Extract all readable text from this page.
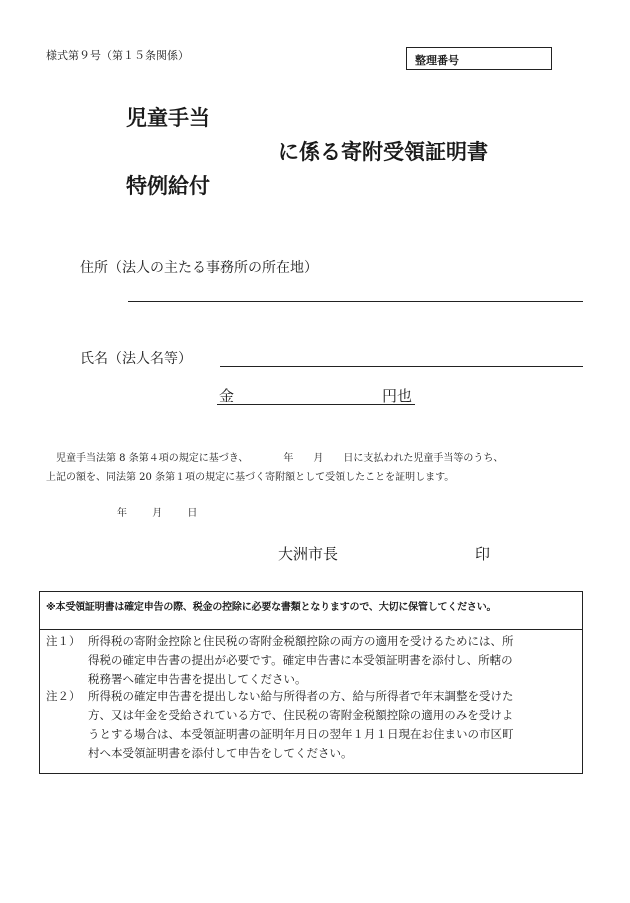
様式第９号（第１５条関係）	整理番号
児童手当
に係る寄附受領証明書
特例給付
住所（法人の主たる事務所の所在地）
氏名（法人名等）
金	円也
　児童手当法第 8 条第４項の規定に基づき、　　　　年　　月　　日に支払われた児童手当等のうち、
上記の額を、同法第 20 条第１項の規定に基づく寄附額として受領したことを証明します。
年	月	日
大洲市長	印
※本受領証明書は確定申告の際、税金の控除に必要な書類となりますので、大切に保管してください。
注１） 所得税の寄附金控除と住民税の寄附金税額控除の両方の適用を受けるためには、所
得税の確定申告書の提出が必要です。確定申告書に本受領証明書を添付し、所轄の
税務署へ確定申告書を提出してください。
注２） 所得税の確定申告書を提出しない給与所得者の方、給与所得者で年末調整を受けた
方、又は年金を受給されている方で、住民税の寄附金税額控除の適用のみを受けよ
うとする場合は、本受領証明書の証明年月日の翌年１月１日現在お住まいの市区町
村へ本受領証明書を添付して申告をしてください。
